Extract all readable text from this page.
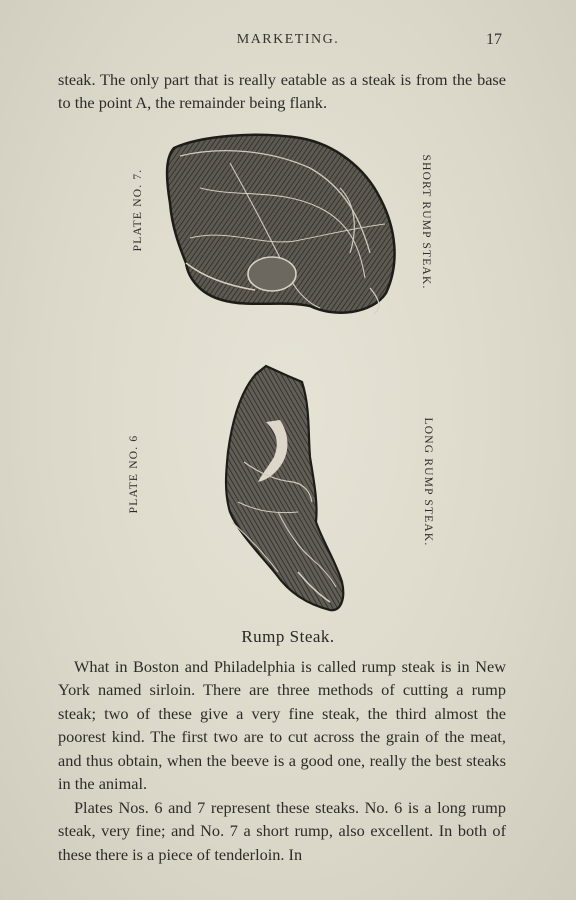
MARKETING.	17
steak. The only part that is really eatable as a steak is from the base to the point A, the remainder being flank.
PLATE NO. 7.	SHORT RUMP STEAK.
PLATE NO. 6	LONG RUMP STEAK.
Rump Steak.
What in Boston and Philadelphia is called rump steak is in New York named sirloin. There are three methods of cutting a rump steak; two of these give a very fine steak, the third almost the poorest kind. The first two are to cut across the grain of the meat, and thus obtain, when the beeve is a good one, really the best steaks in the animal.
Plates Nos. 6 and 7 represent these steaks. No. 6 is a long rump steak, very fine; and No. 7 a short rump, also excellent. In both of these there is a piece of tenderloin. In
